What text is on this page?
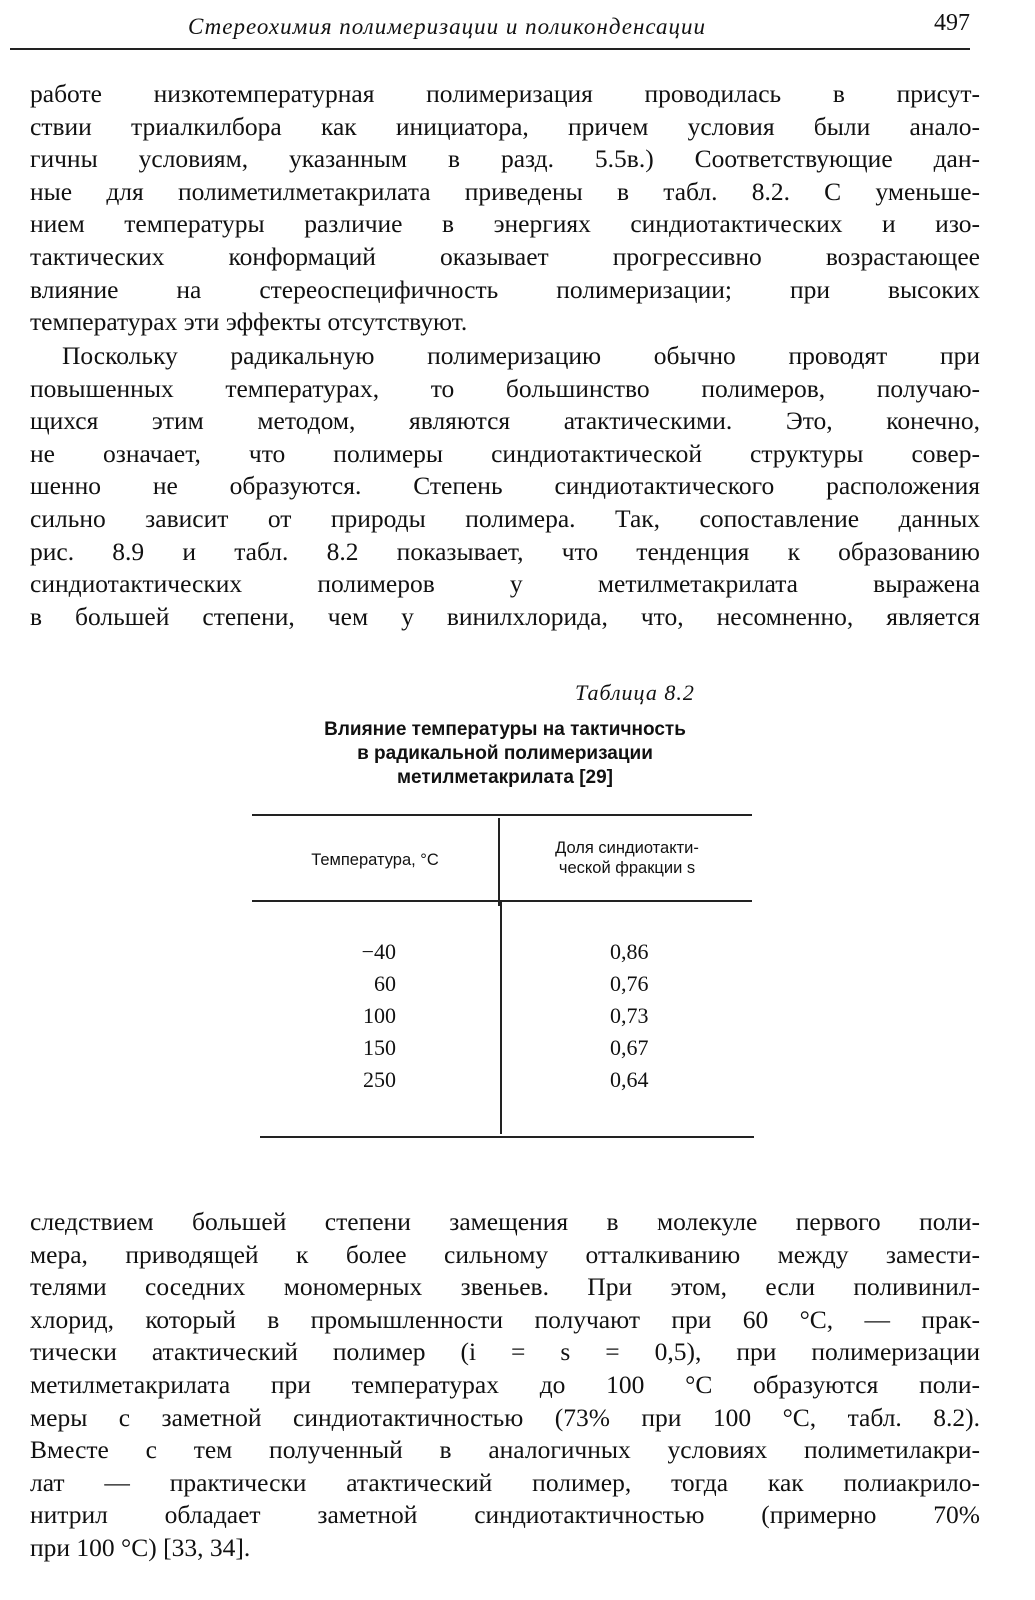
Стереохимия полимеризации и поликонденсации	497
работе низкотемпературная полимеризация проводилась в присут-
ствии триалкилбора как инициатора, причем условия были анало-
гичны условиям, указанным в разд. 5.5в.) Соответствующие дан-
ные для полиметилметакрилата приведены в табл. 8.2. С уменьше-
нием температуры различие в энергиях синдиотактических и изо-
тактических конформаций оказывает прогрессивно возрастающее
влияние на стереоспецифичность полимеризации; при высоких
температурах эти эффекты отсутствуют.
Поскольку радикальную полимеризацию обычно проводят при
повышенных температурах, то большинство полимеров, получаю-
щихся этим методом, являются атактическими. Это, конечно,
не означает, что полимеры синдиотактической структуры совер-
шенно не образуются. Степень синдиотактического расположения
сильно зависит от природы полимера. Так, сопоставление данных
рис. 8.9 и табл. 8.2 показывает, что тенденция к образованию
синдиотактических полимеров у метилметакрилата выражена
в большей степени, чем у винилхлорида, что, несомненно, является
Таблица 8.2
Влияние температуры на тактичность
в радикальной полимеризации
метилметакрилата [29]
Температура, °С
Доля синдиотакти-
ческой фракции s
−40
60
100
150
250
0,86
0,76
0,73
0,67
0,64
следствием большей степени замещения в молекуле первого поли-
мера, приводящей к более сильному отталкиванию между замести-
телями соседних мономерных звеньев. При этом, если поливинил-
хлорид, который в промышленности получают при 60 °С, — прак-
тически атактический полимер (i = s = 0,5), при полимеризации
метилметакрилата при температурах до 100 °С образуются поли-
меры с заметной синдиотактичностью (73% при 100 °С, табл. 8.2).
Вместе с тем полученный в аналогичных условиях полиметилакри-
лат — практически атактический полимер, тогда как полиакрило-
нитрил обладает заметной синдиотактичностью (примерно 70%
при 100 °С) [33, 34].
